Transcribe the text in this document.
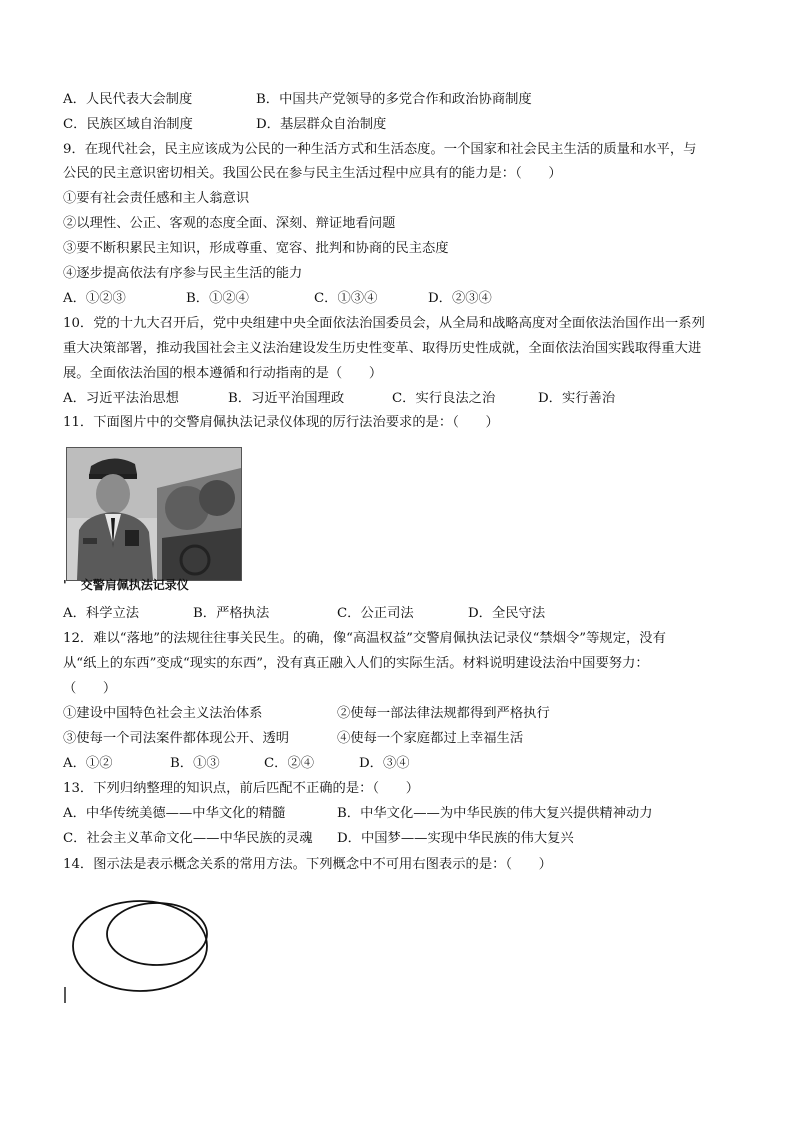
A．人民代表大会制度	B．中国共产党领导的多党合作和政治协商制度
C．民族区域自治制度	D．基层群众自治制度
9．在现代社会，民主应该成为公民的一种生活方式和生活态度。一个国家和社会民主生活的质量和水平，与
公民的民主意识密切相关。我国公民在参与民主生活过程中应具有的能力是：（　　）
①要有社会责任感和主人翁意识
②以理性、公正、客观的态度全面、深刻、辩证地看问题
③要不断积累民主知识，形成尊重、宽容、批判和协商的民主态度
④逐步提高依法有序参与民主生活的能力
A．①②③	B．①②④	C．①③④	D．②③④
10．党的十九大召开后，党中央组建中央全面依法治国委员会，从全局和战略高度对全面依法治国作出一系列
重大决策部署，推动我国社会主义法治建设发生历史性变革、取得历史性成就，全面依法治国实践取得重大进
展。全面依法治国的根本遵循和行动指南的是（　　）
A．习近平法治思想	B．习近平治国理政	C．实行良法之治	D．实行善治
11．下面图片中的交警肩佩执法记录仪体现的厉行法治要求的是：（　　）
' 交警肩佩执法记录仪
A．科学立法	B．严格执法	C．公正司法	D．全民守法
12．难以“落地”的法规往往事关民生。的确，像“高温权益”交警肩佩执法记录仪“禁烟令”等规定，没有
从“纸上的东西”变成“现实的东西”，没有真正融入人们的实际生活。材料说明建设法治中国要努力：
（　　）
①建设中国特色社会主义法治体系	②使每一部法律法规都得到严格执行
③使每一个司法案件都体现公开、透明	④使每一个家庭都过上幸福生活
A．①②	B．①③	C．②④	D．③④
13．下列归纳整理的知识点，前后匹配不正确的是：（　　）
A．中华传统美德——中华文化的精髓	B．中华文化——为中华民族的伟大复兴提供精神动力
C．社会主义革命文化——中华民族的灵魂 D．中国梦——实现中华民族的伟大复兴
14．图示法是表示概念关系的常用方法。下列概念中不可用右图表示的是：（　　）
